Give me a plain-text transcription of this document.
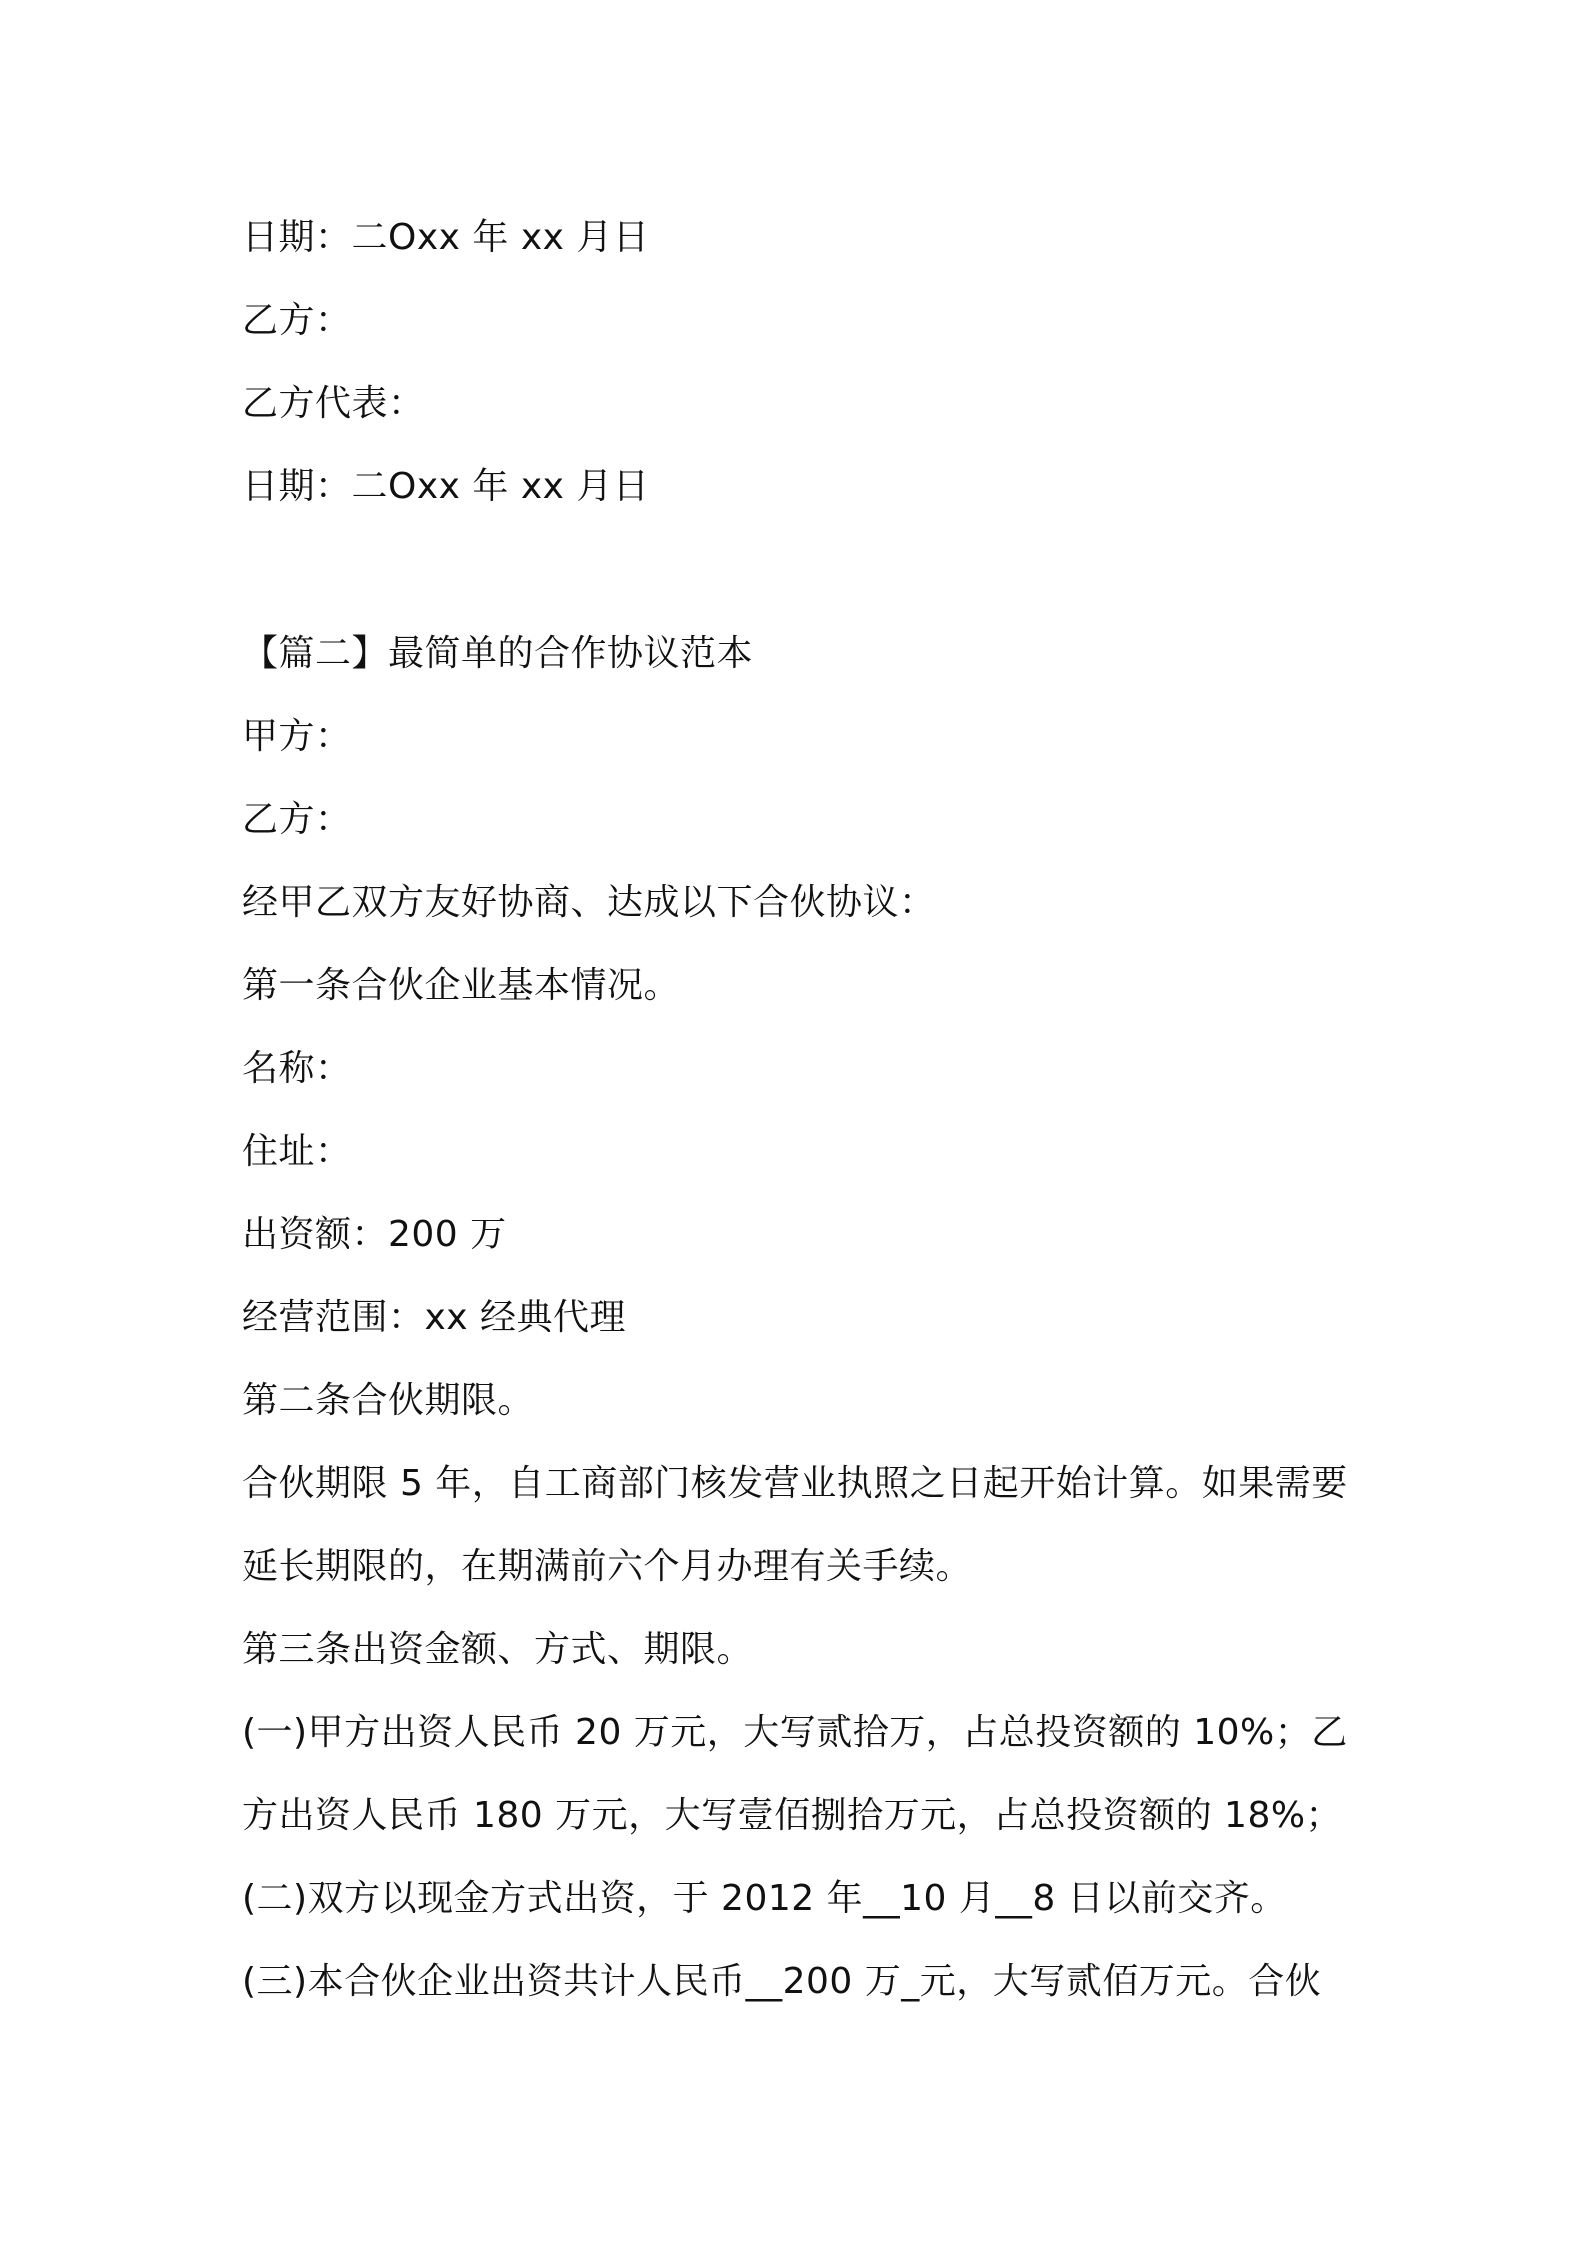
日期：二Oxx 年 xx 月日
乙方：
乙方代表：
日期：二Oxx 年 xx 月日
【篇二】最简单的合作协议范本
甲方：
乙方：
经甲乙双方友好协商、达成以下合伙协议：
第一条合伙企业基本情况。
名称：
住址：
出资额：200 万
经营范围：xx 经典代理
第二条合伙期限。
合伙期限 5 年，自工商部门核发营业执照之日起开始计算。如果需要
延长期限的，在期满前六个月办理有关手续。
第三条出资金额、方式、期限。
(一)甲方出资人民币 20 万元，大写贰拾万，占总投资额的 10%；乙
方出资人民币 180 万元，大写壹佰捌拾万元，占总投资额的 18%；
(二)双方以现金方式出资，于 2012 年__10 月__8 日以前交齐。
(三)本合伙企业出资共计人民币__200 万_元，大写贰佰万元。合伙
